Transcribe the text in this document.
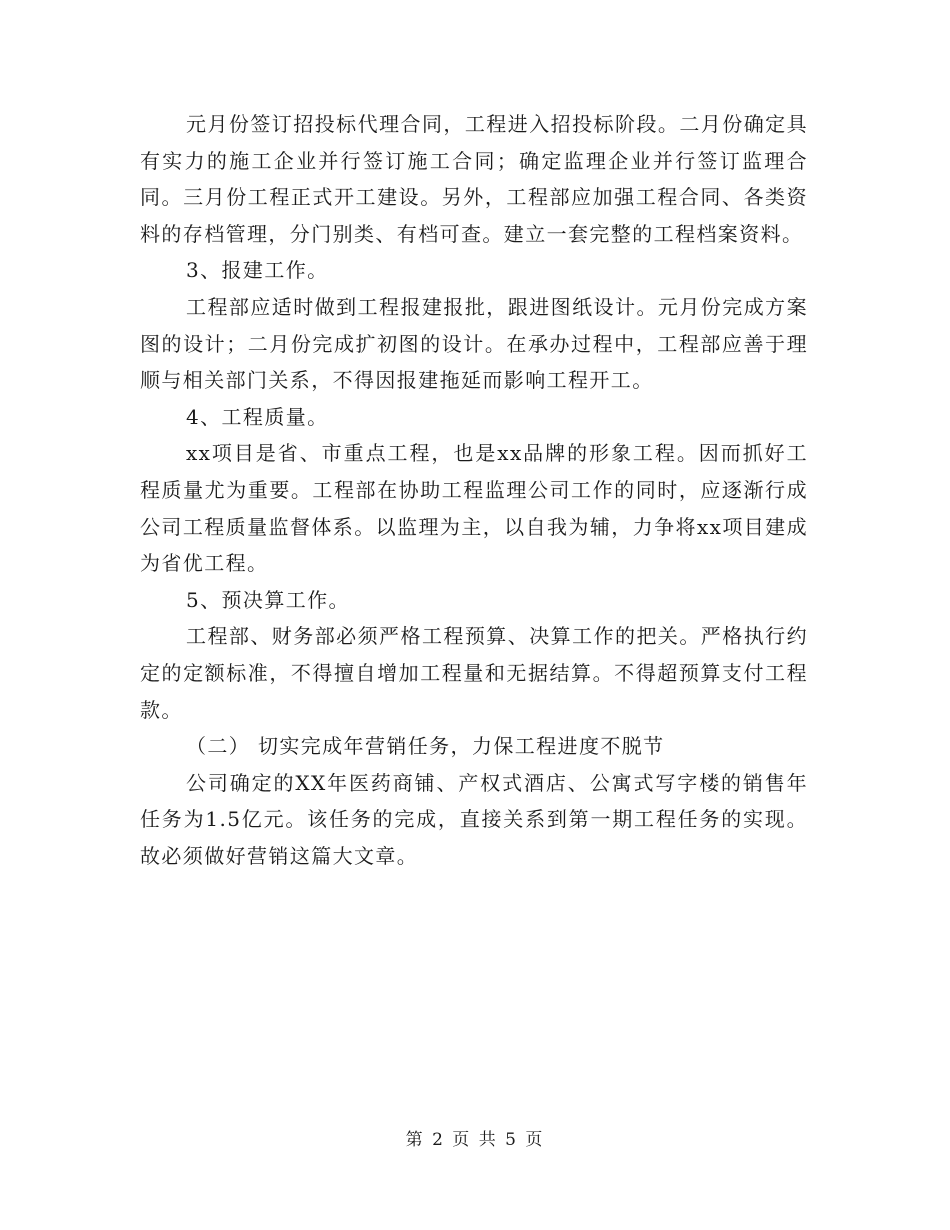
元月份签订招投标代理合同，工程进入招投标阶段。二月份确定具有实力的施工企业并行签订施工合同；确定监理企业并行签订监理合同。三月份工程正式开工建设。另外，工程部应加强工程合同、各类资料的存档管理，分门别类、有档可查。建立一套完整的工程档案资料。

3、报建工作。

工程部应适时做到工程报建报批，跟进图纸设计。元月份完成方案图的设计；二月份完成扩初图的设计。在承办过程中，工程部应善于理顺与相关部门关系，不得因报建拖延而影响工程开工。

4、工程质量。

xx项目是省、市重点工程，也是xx品牌的形象工程。因而抓好工程质量尤为重要。工程部在协助工程监理公司工作的同时，应逐渐行成公司工程质量监督体系。以监理为主，以自我为辅，力争将xx项目建成为省优工程。

5、预决算工作。

工程部、财务部必须严格工程预算、决算工作的把关。严格执行约定的定额标准，不得擅自增加工程量和无据结算。不得超预算支付工程款。

（二） 切实完成年营销任务，力保工程进度不脱节

公司确定的XX年医药商铺、产权式酒店、公寓式写字楼的销售年任务为1.5亿元。该任务的完成，直接关系到第一期工程任务的实现。故必须做好营销这篇大文章。

第 2 页 共 5 页
